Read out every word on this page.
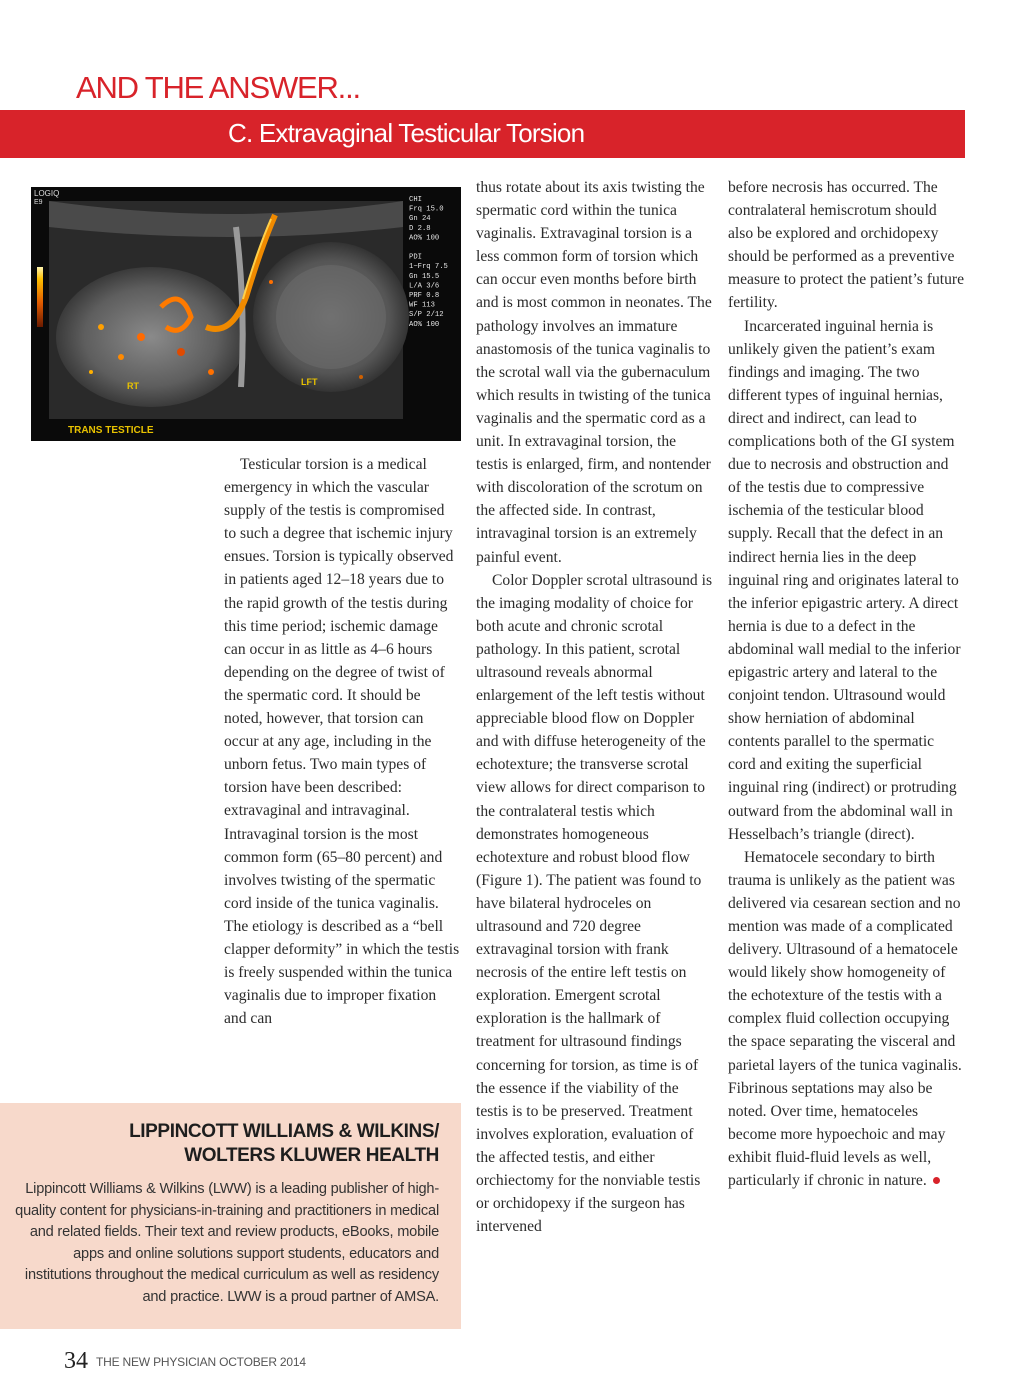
AND THE ANSWER...
C. Extravaginal Testicular Torsion
LOGIQ
E9	CHI
Frq 15.0
Gn 24
D 2.8
AO% 100
PDI
1−Frq 7.5
Gn 15.5
L/A 3/6
PRF 0.8
WF 113
S/P 2/12
AO% 100
RT	LFT
TRANS TESTICLE

Testicular torsion is a medical emergency in which the vascular supply of the testis is compromised to such a degree that ischemic injury ensues. Torsion is typically observed in patients aged 12–18 years due to the rapid growth of the testis during this time period; ischemic damage can occur in as little as 4–6 hours depending on the degree of twist of the spermatic cord. It should be noted, however, that torsion can occur at any age, including in the unborn fetus. Two main types of torsion have been described: extravaginal and intravaginal. Intravaginal torsion is the most common form (65–80 percent) and involves twisting of the spermatic cord inside of the tunica vaginalis. The etiology is described as a “bell clapper deformity” in which the testis is freely suspended within the tunica vaginalis due to improper fixation and can

thus rotate about its axis twisting the spermatic cord within the tunica vaginalis. Extravaginal torsion is a less common form of torsion which can occur even months before birth and is most common in neonates. The pathology involves an immature anastomosis of the tunica vaginalis to the scrotal wall via the gubernaculum which results in twisting of the tunica vaginalis and the spermatic cord as a unit. In extravaginal torsion, the testis is enlarged, firm, and nontender with discoloration of the scrotum on the affected side. In contrast, intravaginal torsion is an extremely painful event.

Color Doppler scrotal ultrasound is the imaging modality of choice for both acute and chronic scrotal pathology. In this patient, scrotal ultrasound reveals abnormal enlargement of the left testis without appreciable blood flow on Doppler and with diffuse heterogeneity of the echotexture; the transverse scrotal view allows for direct comparison to the contralateral testis which demonstrates homogeneous echotexture and robust blood flow (Figure 1). The patient was found to have bilateral hydroceles on ultrasound and 720 degree extravaginal torsion with frank necrosis of the entire left testis on exploration. Emergent scrotal exploration is the hallmark of treatment for ultrasound findings concerning for torsion, as time is of the essence if the viability of the testis is to be preserved. Treatment involves exploration, evaluation of the affected testis, and either orchiectomy for the nonviable testis or orchidopexy if the surgeon has intervened

before necrosis has occurred. The contralateral hemiscrotum should also be explored and orchidopexy should be performed as a preventive measure to protect the patient’s future fertility.

Incarcerated inguinal hernia is unlikely given the patient’s exam findings and imaging. The two different types of inguinal hernias, direct and indirect, can lead to complications both of the GI system due to necrosis and obstruction and of the testis due to compressive ischemia of the testicular blood supply. Recall that the defect in an indirect hernia lies in the deep inguinal ring and originates lateral to the inferior epigastric artery. A direct hernia is due to a defect in the abdominal wall medial to the inferior epigastric artery and lateral to the conjoint tendon. Ultrasound would show herniation of abdominal contents parallel to the spermatic cord and exiting the superficial inguinal ring (indirect) or protruding outward from the abdominal wall in Hesselbach’s triangle (direct).

Hematocele secondary to birth trauma is unlikely as the patient was delivered via cesarean section and no mention was made of a complicated delivery. Ultrasound of a hematocele would likely show homogeneity of the echotexture of the testis with a complex fluid collection occupying the space separating the visceral and parietal layers of the tunica vaginalis. Fibrinous septations may also be noted. Over time, hematoceles become more hypoechoic and may exhibit fluid-fluid levels as well, particularly if chronic in nature.

LIPPINCOTT WILLIAMS & WILKINS/
WOLTERS KLUWER HEALTH
Lippincott Williams & Wilkins (LWW) is a leading publisher of high-quality content for physicians-in-training and practitioners in medical and related fields. Their text and review products, eBooks, mobile apps and online solutions support students, educators and institutions throughout the medical curriculum as well as residency and practice. LWW is a proud partner of AMSA.
34 THE NEW PHYSICIAN OCTOBER 2014
